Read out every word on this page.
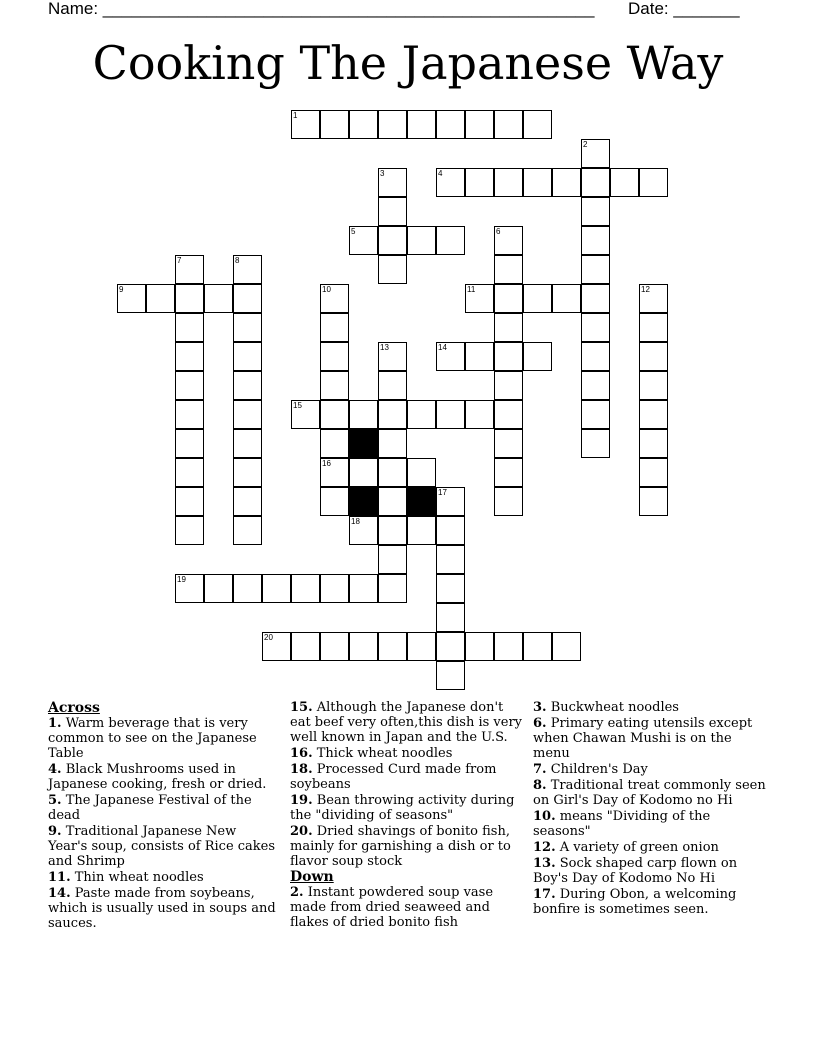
Name: ____________________________________________________ Date: _______
Cooking The Japanese Way
1
4
5
9	11
14
15
16
18
19
20
2
3
6
7	8
10	12
13
17
Across
1. Warm beverage that is very common to see on the Japanese Table
4. Black Mushrooms used in Japanese cooking, fresh or dried.
5. The Japanese Festival of the dead
9. Traditional Japanese New Year's soup, consists of Rice cakes and Shrimp
11. Thin wheat noodles
14. Paste made from soybeans, which is usually used in soups and sauces.
15. Although the Japanese don't eat beef very often,this dish is very well known in Japan and the U.S.
16. Thick wheat noodles
18. Processed Curd made from soybeans
19. Bean throwing activity during the "dividing of seasons"
20. Dried shavings of bonito fish, mainly for garnishing a dish or to flavor soup stock
Down
2. Instant powdered soup vase made from dried seaweed and flakes of dried bonito fish
3. Buckwheat noodles
6. Primary eating utensils except when Chawan Mushi is on the menu
7. Children's Day
8. Traditional treat commonly seen on Girl's Day of Kodomo no Hi
10. means "Dividing of the seasons"
12. A variety of green onion
13. Sock shaped carp flown on Boy's Day of Kodomo No Hi
17. During Obon, a welcoming bonfire is sometimes seen.
